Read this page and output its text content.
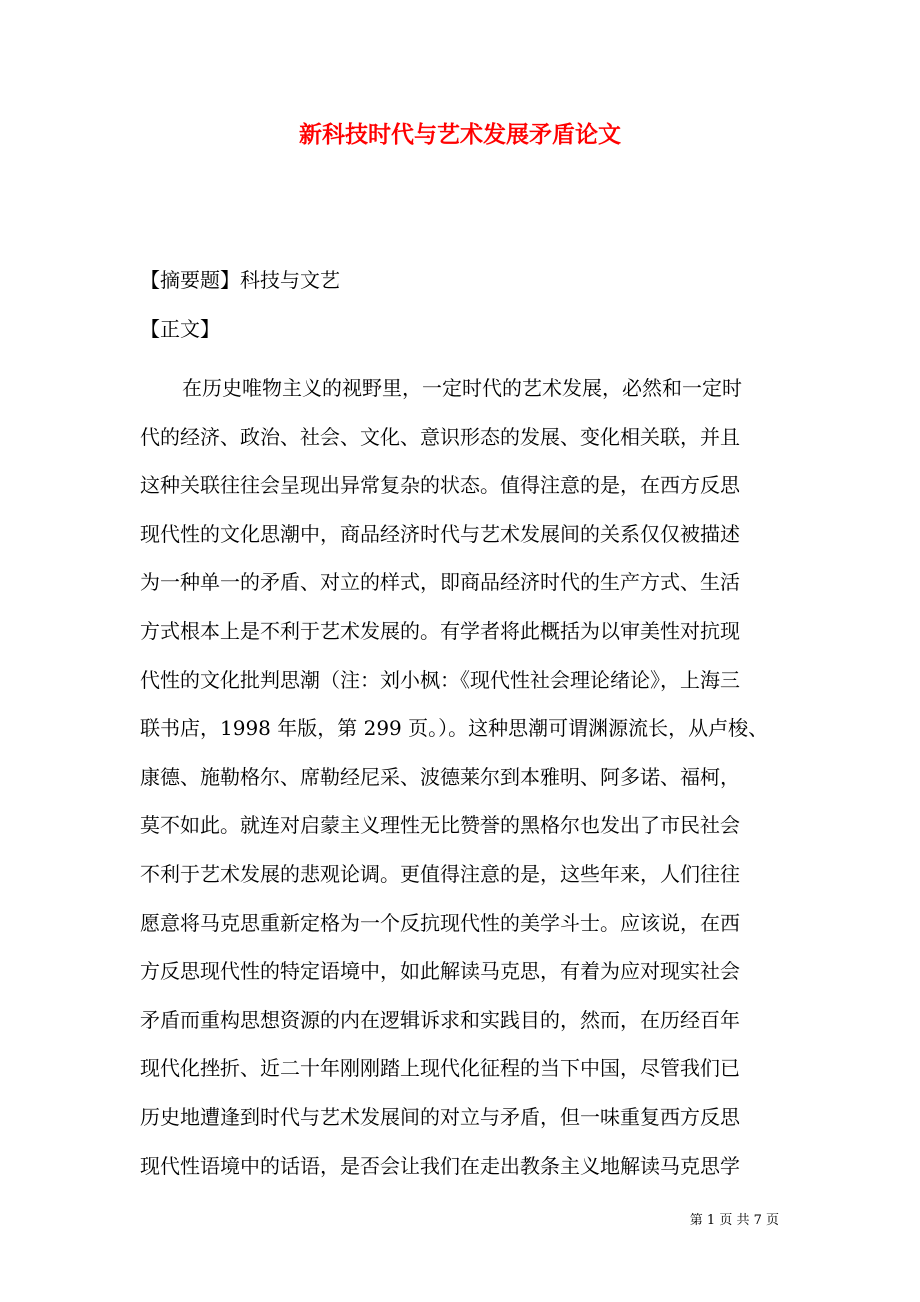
新科技时代与艺术发展矛盾论文
【摘要题】科技与文艺
【正文】
在历史唯物主义的视野里，一定时代的艺术发展，必然和一定时
代的经济、政治、社会、文化、意识形态的发展、变化相关联，并且
这种关联往往会呈现出异常复杂的状态。值得注意的是，在西方反思
现代性的文化思潮中，商品经济时代与艺术发展间的关系仅仅被描述
为一种单一的矛盾、对立的样式，即商品经济时代的生产方式、生活
方式根本上是不利于艺术发展的。有学者将此概括为以审美性对抗现
代性的文化批判思潮（注：刘小枫：《现代性社会理论绪论》，上海三
联书店，1998 年版，第 299 页。）。这种思潮可谓渊源流长，从卢梭、
康德、施勒格尔、席勒经尼采、波德莱尔到本雅明、阿多诺、福柯，
莫不如此。就连对启蒙主义理性无比赞誉的黑格尔也发出了市民社会
不利于艺术发展的悲观论调。更值得注意的是，这些年来，人们往往
愿意将马克思重新定格为一个反抗现代性的美学斗士。应该说，在西
方反思现代性的特定语境中，如此解读马克思，有着为应对现实社会
矛盾而重构思想资源的内在逻辑诉求和实践目的，然而，在历经百年
现代化挫折、近二十年刚刚踏上现代化征程的当下中国，尽管我们已
历史地遭逢到时代与艺术发展间的对立与矛盾，但一味重复西方反思
现代性语境中的话语，是否会让我们在走出教条主义地解读马克思学
第 1 页 共 7 页
